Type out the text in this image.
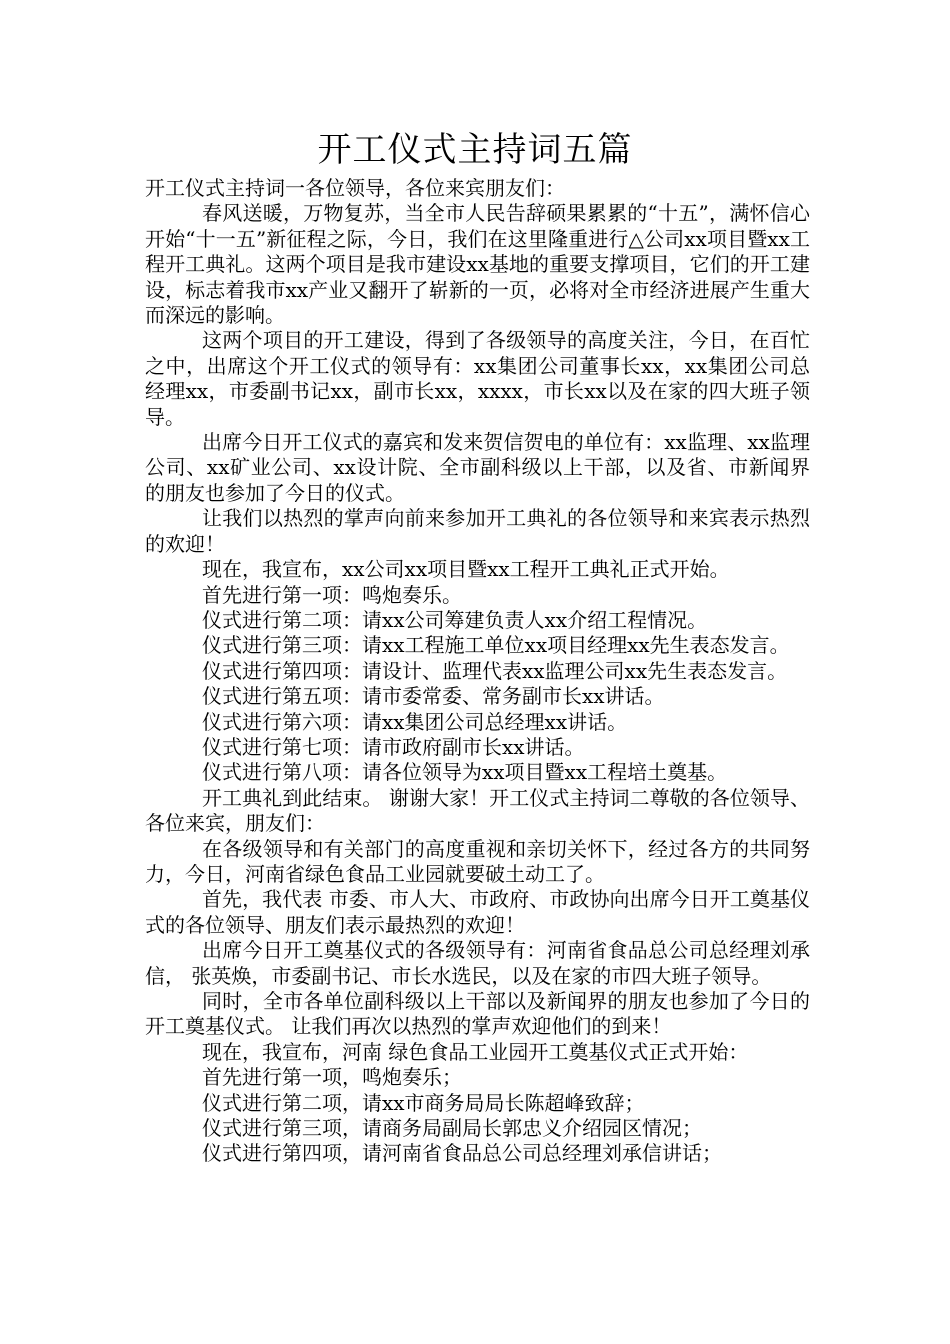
开工仪式主持词五篇

开工仪式主持词一各位领导，各位来宾朋友们：

春风送暖，万物复苏，当全市人民告辞硕果累累的“十五”，满怀信心开始“十一五”新征程之际，今日，我们在这里隆重进行△公司xx项目暨xx工程开工典礼。这两个项目是我市建设xx基地的重要支撑项目，它们的开工建设，标志着我市xx产业又翻开了崭新的一页，必将对全市经济进展产生重大而深远的影响。

这两个项目的开工建设，得到了各级领导的高度关注，今日，在百忙之中，出席这个开工仪式的领导有：xx集团公司董事长xx，xx集团公司总经理xx，市委副书记xx，副市长xx，xxxx，市长xx以及在家的四大班子领导。

出席今日开工仪式的嘉宾和发来贺信贺电的单位有：xx监理、xx监理公司、xx矿业公司、xx设计院、全市副科级以上干部，以及省、市新闻界的朋友也参加了今日的仪式。

让我们以热烈的掌声向前来参加开工典礼的各位领导和来宾表示热烈的欢迎！

现在，我宣布，xx公司xx项目暨xx工程开工典礼正式开始。

首先进行第一项：鸣炮奏乐。

仪式进行第二项：请xx公司筹建负责人xx介绍工程情况。

仪式进行第三项：请xx工程施工单位xx项目经理xx先生表态发言。

仪式进行第四项：请设计、监理代表xx监理公司xx先生表态发言。

仪式进行第五项：请市委常委、常务副市长xx讲话。

仪式进行第六项：请xx集团公司总经理xx讲话。

仪式进行第七项：请市政府副市长xx讲话。

仪式进行第八项：请各位领导为xx项目暨xx工程培土奠基。

开工典礼到此结束。 谢谢大家！开工仪式主持词二尊敬的各位领导、各位来宾，朋友们：

在各级领导和有关部门的高度重视和亲切关怀下，经过各方的共同努力，今日，河南省绿色食品工业园就要破土动工了。

首先，我代表 市委、市人大、市政府、市政协向出席今日开工奠基仪式的各位领导、朋友们表示最热烈的欢迎！

出席今日开工奠基仪式的各级领导有：河南省食品总公司总经理刘承信， 张英焕，市委副书记、市长水选民，以及在家的市四大班子领导。

同时，全市各单位副科级以上干部以及新闻界的朋友也参加了今日的开工奠基仪式。 让我们再次以热烈的掌声欢迎他们的到来！

现在，我宣布，河南 绿色食品工业园开工奠基仪式正式开始：

首先进行第一项，鸣炮奏乐；

仪式进行第二项，请xx市商务局局长陈超峰致辞；

仪式进行第三项，请商务局副局长郭忠义介绍园区情况；

仪式进行第四项，请河南省食品总公司总经理刘承信讲话；
